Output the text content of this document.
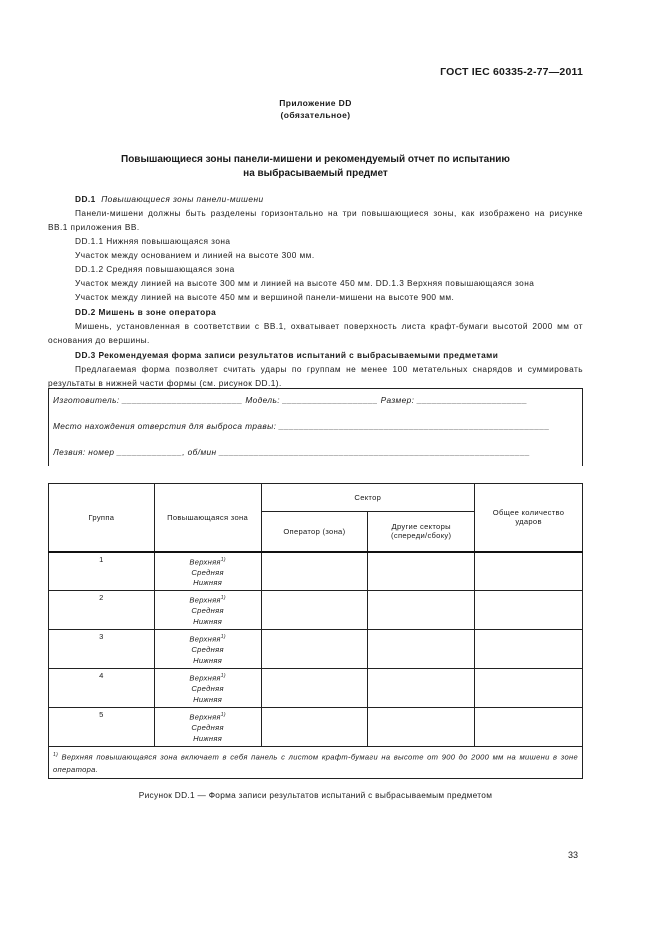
ГОСТ IEC 60335-2-77—2011
Приложение DD
(обязательное)
Повышающиеся зоны панели-мишени и рекомендуемый отчет по испытанию
на выбрасываемый предмет
DD.1 Повышающиеся зоны панели-мишени
Панели-мишени должны быть разделены горизонтально на три повышающиеся зоны, как изображено на рисунке BB.1 приложения BB.
DD.1.1 Нижняя повышающаяся зона
Участок между основанием и линией на высоте 300 мм.
DD.1.2 Средняя повышающаяся зона
Участок между линией на высоте 300 мм и линией на высоте 450 мм. DD.1.3 Верхняя повышающаяся зона
Участок между линией на высоте 450 мм и вершиной панели-мишени на высоте 900 мм.
DD.2 Мишень в зоне оператора
Мишень, установленная в соответствии с BB.1, охватывает поверхность листа крафт-бумаги высотой 2000 мм от основания до вершины.
DD.3 Рекомендуемая форма записи результатов испытаний с выбрасываемыми предметами
Предлагаемая форма позволяет считать удары по группам не менее 100 метательных снарядов и суммировать результаты в нижней части формы (см. рисунок DD.1).
Изготовитель: ________________________ Модель: ___________________ Размер: ______________________
Место нахождения отверстия для выброса травы: ______________________________________________________
Лезвия: номер _____________, об/мин ______________________________________________________________
Группа	Повышающаяся зона	Сектор		Общее количество ударов
		Оператор (зона)	Другие секторы (спереди/сбоку)	
1	Верхняя$^{1)}$
Средняя
Нижняя			

2	Верхняя$^{1)}$
Средняя
Нижняя			

3	Верхняя$^{1)}$
Средняя
Нижняя			

4	Верхняя$^{1)}$
Средняя
Нижняя			

5	Верхняя$^{1)}$
Средняя
Нижняя			

$^{1)}$ Верхняя повышающаяся зона включает в себя панель с листом крафт-бумаги на высоте от 900 до 2000 мм на мишени в зоне оператора.				
Рисунок DD.1 — Форма записи результатов испытаний с выбрасываемым предметом
33
